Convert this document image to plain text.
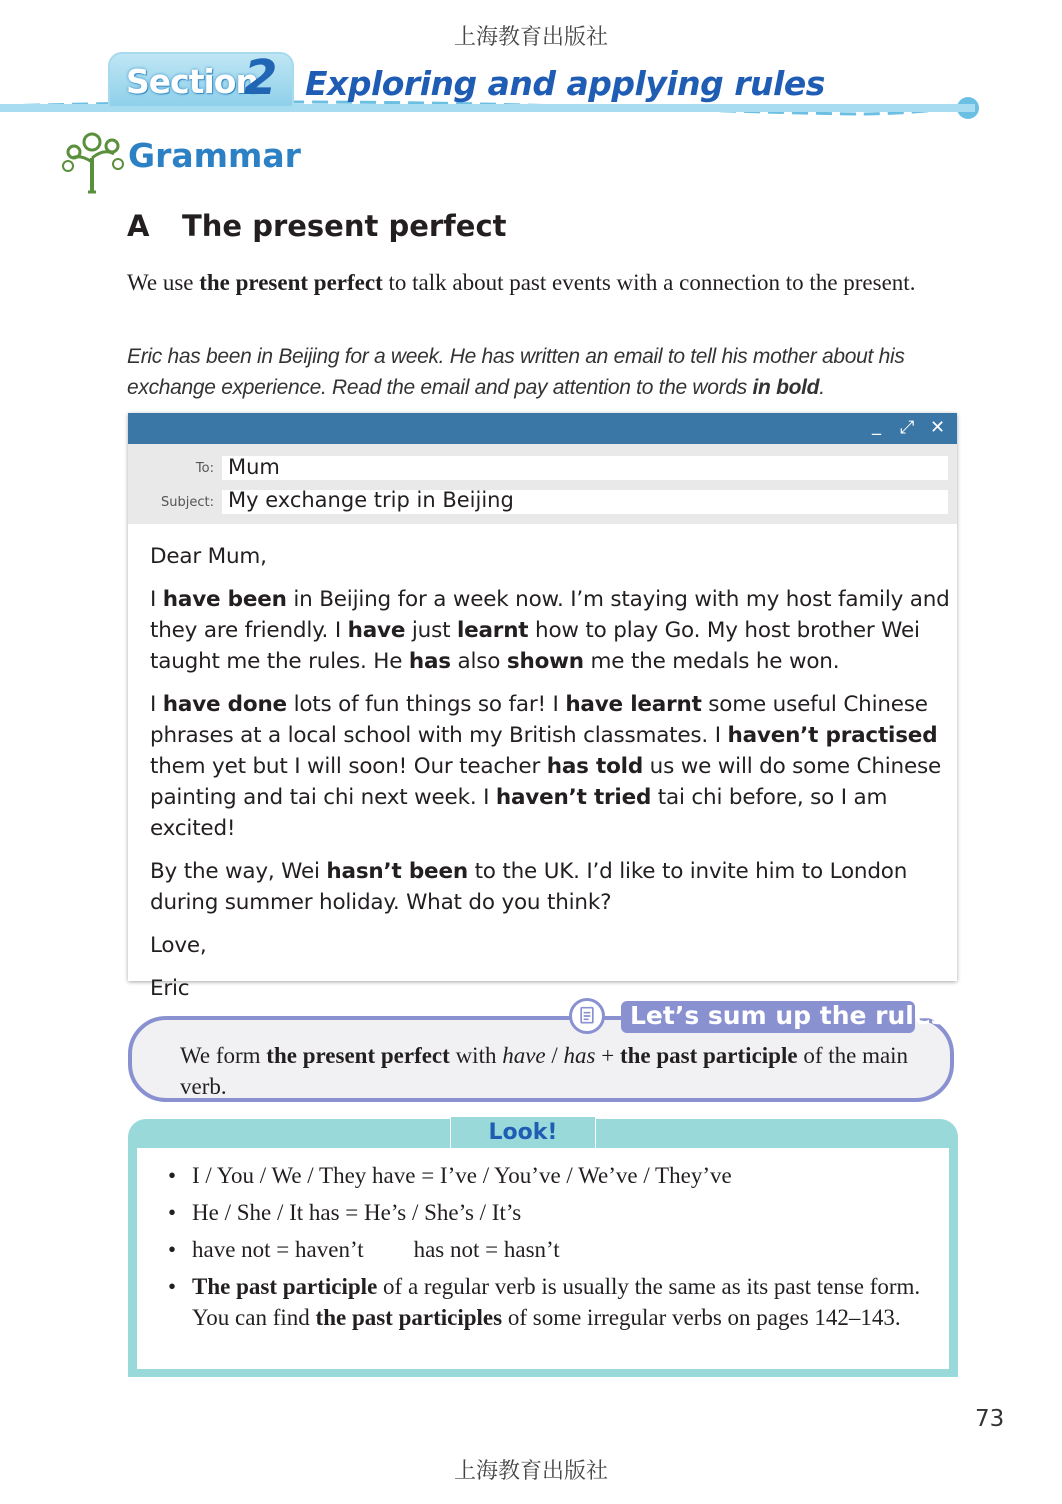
上海教育出版社
Section
2 Exploring and applying rules
Grammar
A The present perfect
We use the present perfect to talk about past events with a connection to the present.
Eric has been in Beijing for a week. He has written an email to tell his mother about his exchange experience. Read the email and pay attention to the words in bold.
_ ⤢ ✕
To: Mum
Subject: My exchange trip in Beijing

Dear Mum,

I have been in Beijing for a week now. I’m staying with my host family and they are friendly. I have just learnt how to play Go. My host brother Wei taught me the rules. He has also shown me the medals he won.

I have done lots of fun things so far! I have learnt some useful Chinese phrases at a local school with my British classmates. I haven’t practised them yet but I will soon! Our teacher has told us we will do some Chinese painting and tai chi next week. I haven’t tried tai chi before, so I am excited!

By the way, Wei hasn’t been to the UK. I’d like to invite him to London during summer holiday. What do you think?

Love,

Eric

Let’s sum up the rules!
We form the present perfect with have / has + the past participle of the main verb.
Look!
• I / You / We / They have = I’ve / You’ve / We’ve / They’ve
• He / She / It has = He’s / She’s / It’s
• have not = haven’t has not = hasn’t
• The past participle of a regular verb is usually the same as its past tense form. You can find the past participles of some irregular verbs on pages 142–143.
73
上海教育出版社
